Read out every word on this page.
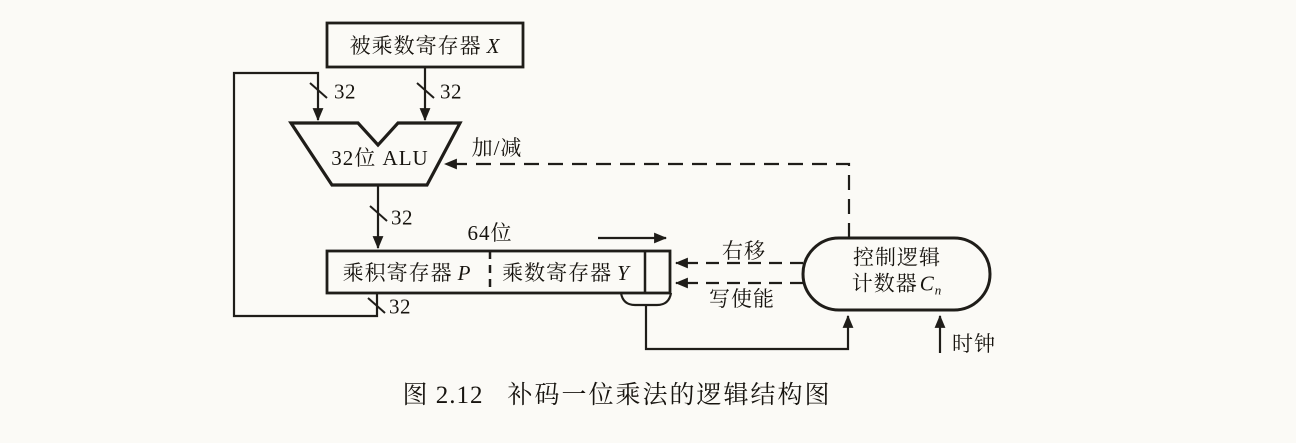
被乘数寄存器 X
32位 ALU 加/减
32	32
32
32
64位
乘积寄存器 P 乘数寄存器 Y
右移
写使能
控制逻辑
计数器$C_n$
时钟
图 2.12 补码一位乘法的逻辑结构图
